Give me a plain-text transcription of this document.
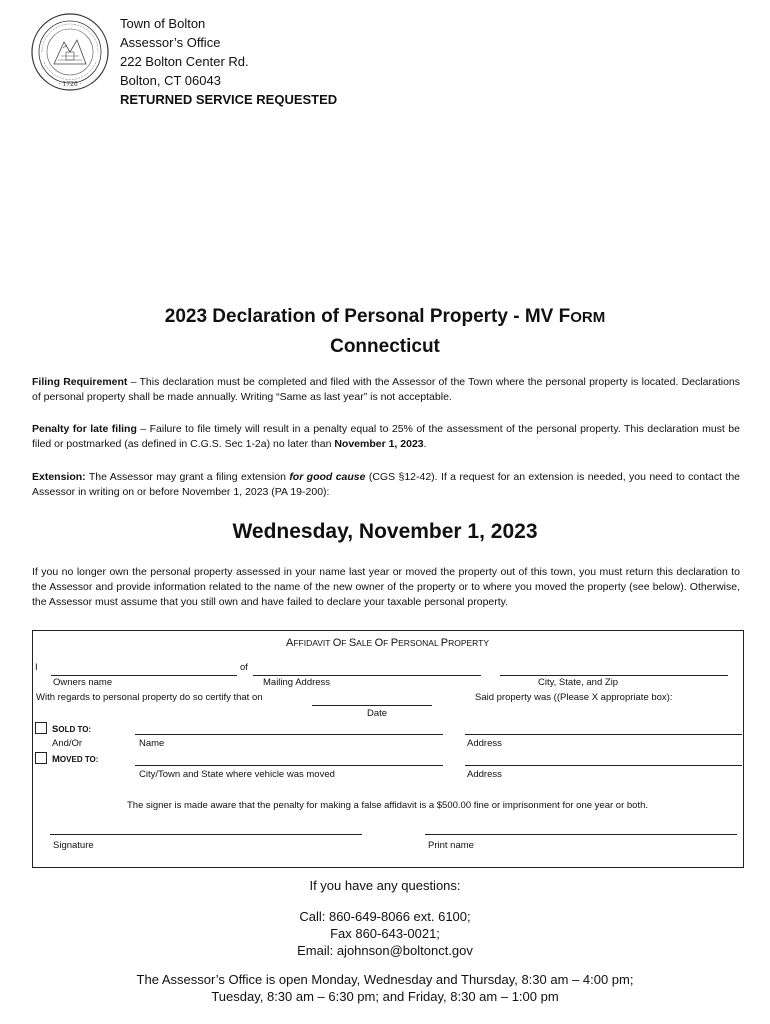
· 1720 ·
Town of Bolton
Assessor’s Office
222 Bolton Center Rd.
Bolton, CT 06043
RETURNED SERVICE REQUESTED
2023 Declaration of Personal Property - MV FORM
Connecticut
Filing Requirement – This declaration must be completed and filed with the Assessor of the Town where the personal property is located. Declarations of personal property shall be made annually. Writing “Same as last year” is not acceptable.
Penalty for late filing – Failure to file timely will result in a penalty equal to 25% of the assessment of the personal property. This declaration must be filed or postmarked (as defined in C.G.S. Sec 1-2a) no later than November 1, 2023.
Extension: The Assessor may grant a filing extension for good cause (CGS §12-42). If a request for an extension is needed, you need to contact the Assessor in writing on or before November 1, 2023 (PA 19-200):
Wednesday, November 1, 2023
If you no longer own the personal property assessed in your name last year or moved the property out of this town, you must return this declaration to the Assessor and provide information related to the name of the new owner of the property or to where you moved the property (see below). Otherwise, the Assessor must assume that you still own and have failed to declare your taxable personal property.
AFFIDAVIT OF SALE OF PERSONAL PROPERTY
I	of
Owners name	Mailing Address	City, State, and Zip
With regards to personal property do so certify that on	Said property was ((Please X appropriate box):
Date
SOLD TO:
And/Or	Name	Address
MOVED TO:
City/Town and State where vehicle was moved	Address
The signer is made aware that the penalty for making a false affidavit is a $500.00 fine or imprisonment for one year or both.
Signature	Print name
If you have any questions:
Call: 860-649-8066 ext. 6100;
Fax 860-643-0021;
Email: ajohnson@boltonct.gov
The Assessor’s Office is open Monday, Wednesday and Thursday, 8:30 am – 4:00 pm;
Tuesday, 8:30 am – 6:30 pm; and Friday, 8:30 am – 1:00 pm
